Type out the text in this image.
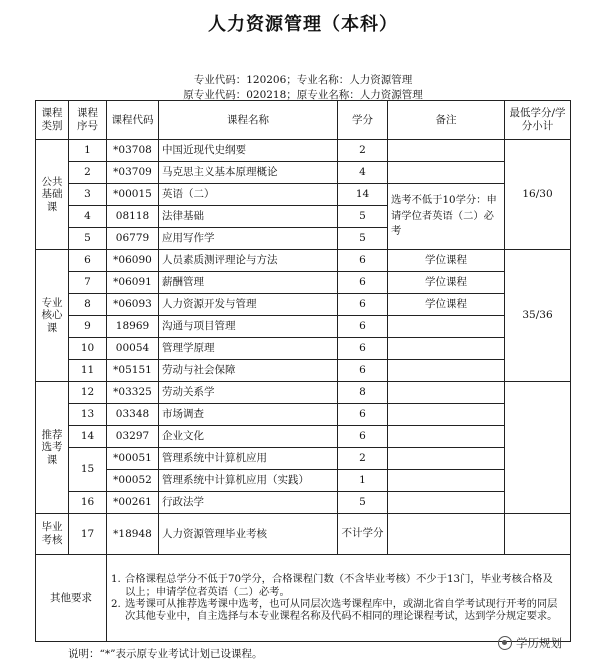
人力资源管理（本科）
专业代码：120206；专业名称：人力资源管理
原专业代码：020218；原专业名称：人力资源管理
课程类别	课程序号	课程代码	课程名称	学分	备注	最低学分/学分小计
公共基础课	1	*03708	中国近现代史纲要	2		16/30
	2	*03709	马克思主义基本原理概论	4		
	3	*00015	英语（二）	14	选考不低于10学分：申请学位者英语（二）必考	
	4	08118	法律基础	5		
	5	06779	应用写作学	5		
专业核心课	6	*06090	人员素质测评理论与方法	6	学位课程	35/36
	7	*06091	薪酬管理	6	学位课程	
	8	*06093	人力资源开发与管理	6	学位课程	
	9	18969	沟通与项目管理	6		
	10	00054	管理学原理	6		
	11	*05151	劳动与社会保障	6		
推荐选考课	12	*03325	劳动关系学	8		
	13	03348	市场调查	6		
	14	03297	企业文化	6		
	15	*00051	管理系统中计算机应用	2		
		*00052	管理系统中计算机应用（实践）	1		
	16	*00261	行政法学	5		
毕业考核	17	*18948	人力资源管理毕业考核	不计学分		
其他要求		1. 合格课程总学分不低于70学分，合格课程门数（不含毕业考核）不少于13门，毕业考核合格及以上；申请学位者英语（二）必考。
2. 选考课可从推荐选考课中选考，也可从同层次选考课程库中，或湖北省自学考试现行开考的同层次其他专业中，自主选择与本专业课程名称及代码不相同的理论课程考试，达到学分规定要求。				
学历规划
说明：“*”表示原专业考试计划已设课程。
